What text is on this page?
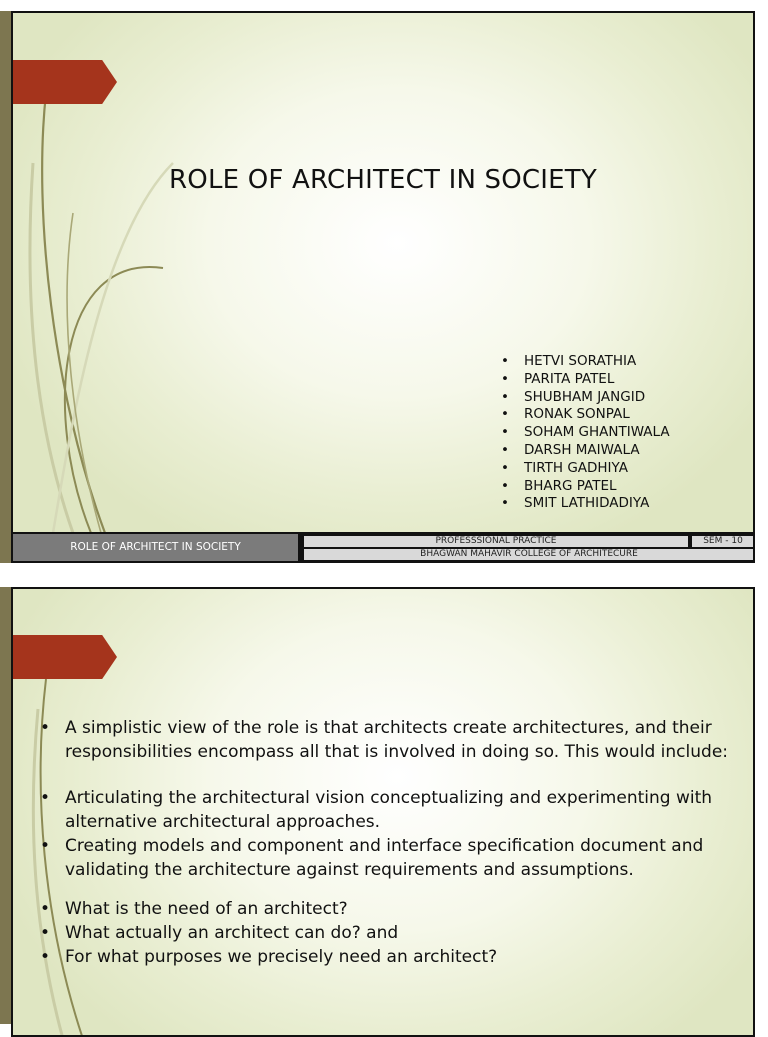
ROLE OF ARCHITECT IN SOCIETY
• HETVI SORATHIA
• PARITA PATEL
• SHUBHAM JANGID
• RONAK SONPAL
• SOHAM GHANTIWALA
• DARSH MAIWALA
• TIRTH GADHIYA
• BHARG PATEL
• SMIT LATHIDADIYA
ROLE OF ARCHITECT IN SOCIETY	PROFESSSIONAL PRACTICE	SEM - 10
BHAGWAN MAHAVIR COLLEGE OF ARCHITECURE
• A simplistic view of the role is that architects create architectures, and their responsibilities encompass all that is involved in doing so. This would include:
• Articulating the architectural vision conceptualizing and experimenting with alternative architectural approaches.
• Creating models and component and interface specification document and validating the architecture against requirements and assumptions.
• What is the need of an architect?
• What actually an architect can do? and
• For what purposes we precisely need an architect?
